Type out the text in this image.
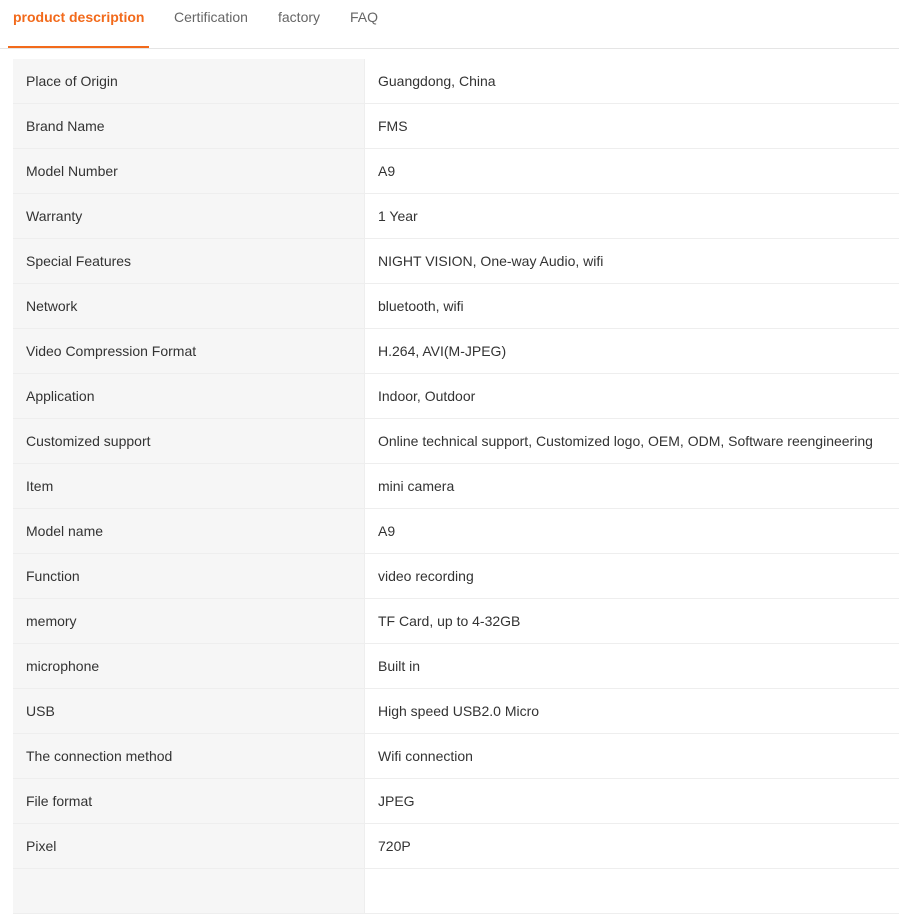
product description	Certification factory FAQ
Place of Origin	Guangdong, China
Brand Name	FMS
Model Number	A9
Warranty	1 Year
Special Features	NIGHT VISION, One-way Audio, wifi
Network	bluetooth, wifi
Video Compression Format	H.264, AVI(M-JPEG)
Application	Indoor, Outdoor
Customized support	Online technical support, Customized logo, OEM, ODM, Software reengineering
Item	mini camera
Model name	A9
Function	video recording
memory	TF Card, up to 4-32GB
microphone	Built in
USB	High speed USB2.0 Micro
The connection method	Wifi connection
File format	JPEG
Pixel	720P
